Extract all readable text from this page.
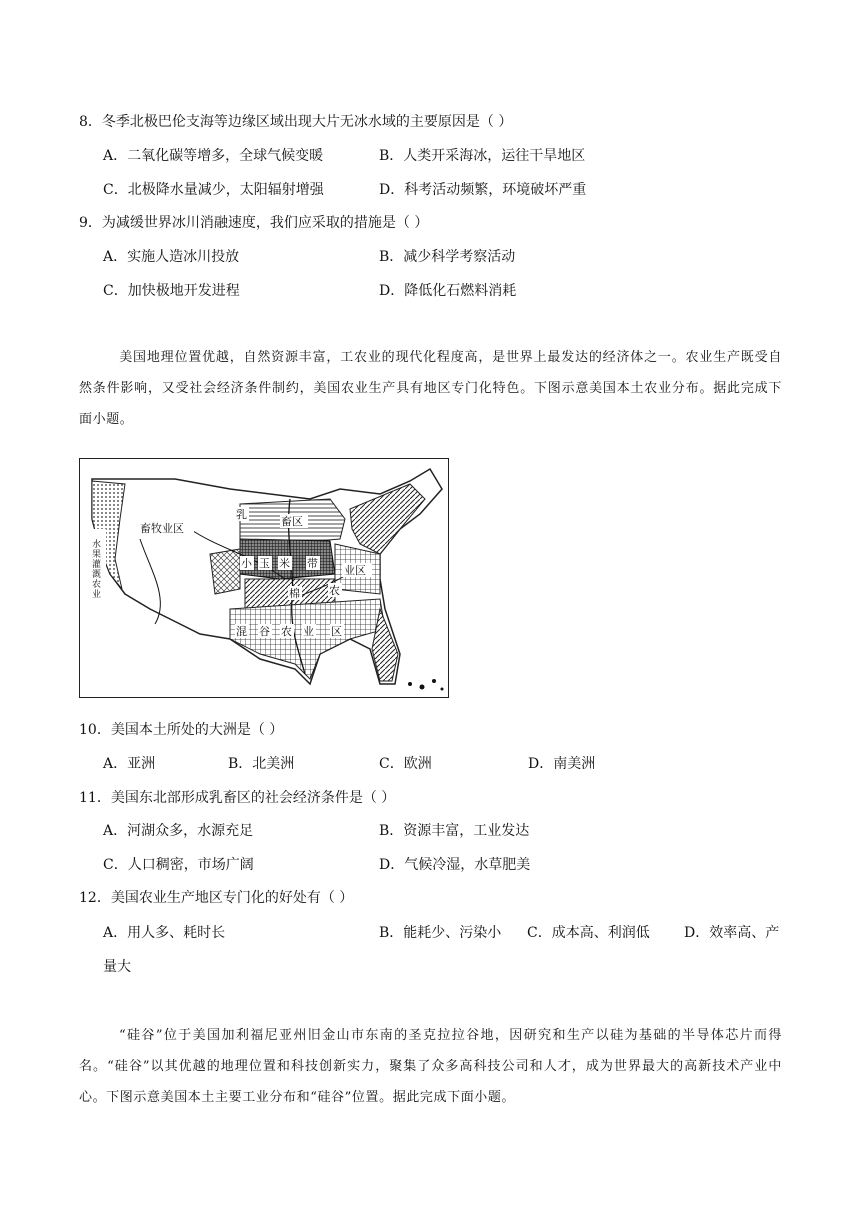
8．冬季北极巴伦支海等边缘区域出现大片无冰水域的主要原因是（ ）
A．二氧化碳等增多，全球气候变暖	B．人类开采海冰，运往干旱地区
C．北极降水量减少，太阳辐射增强	D．科考活动频繁，环境破坏严重
9．为减缓世界冰川消融速度，我们应采取的措施是（ ）
A．实施人造冰川投放	B．减少科学考察活动
C．加快极地开发进程	D．降低化石燃料消耗
美国地理位置优越，自然资源丰富，工农业的现代化程度高，是世界上最发达的经济体之一。农业生产既受自然条件影响，又受社会经济条件制约，美国农业生产具有地区专门化特色。下图示意美国本土农业分布。据此完成下面小题。
畜牧业区
乳
畜区
小 玉 米 带
业区
农
棉
混 谷 农 业 区
水果灌溉农业
10．美国本土所处的大洲是（ ）
A．亚洲	B．北美洲	C．欧洲	D．南美洲
11．美国东北部形成乳畜区的社会经济条件是（ ）
A．河湖众多，水源充足	B．资源丰富，工业发达
C．人口稠密，市场广阔	D．气候冷湿，水草肥美
12．美国农业生产地区专门化的好处有（ ）
A．用人多、耗时长	B．能耗少、污染小 C．成本高、利润低 D．效率高、产
量大
“硅谷”位于美国加利福尼亚州旧金山市东南的圣克拉拉谷地，因研究和生产以硅为基础的半导体芯片而得名。“硅谷”以其优越的地理位置和科技创新实力，聚集了众多高科技公司和人才，成为世界最大的高新技术产业中心。下图示意美国本土主要工业分布和“硅谷”位置。据此完成下面小题。
